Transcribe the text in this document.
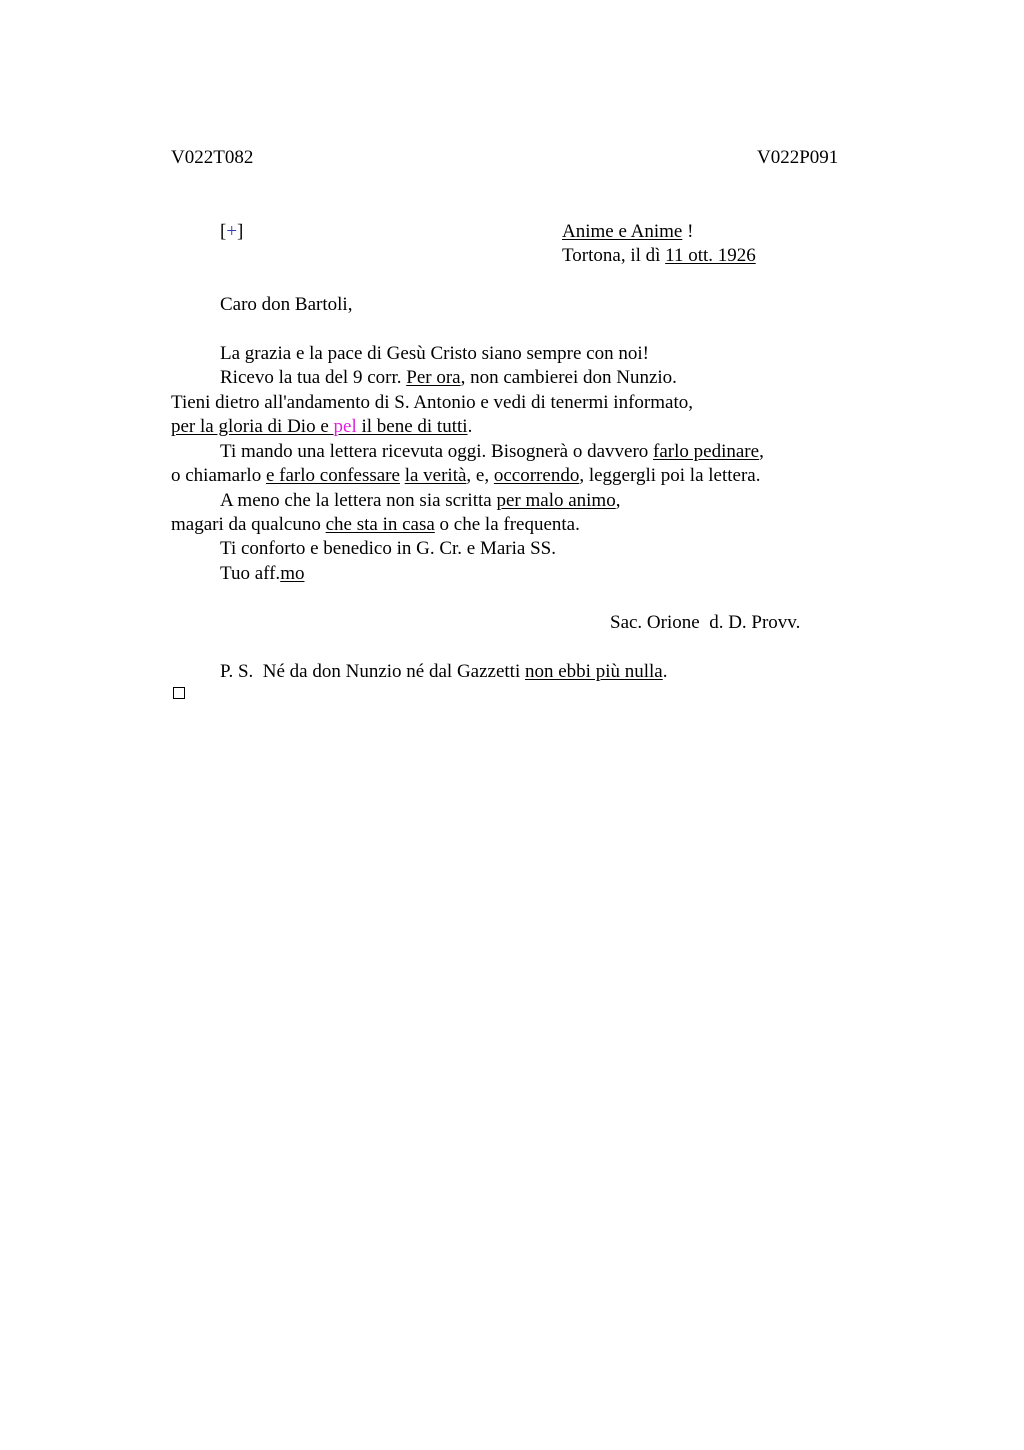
V022T082	V022P091
[+]	Anime e Anime !
Tortona, il dì 11 ott. 1926
Caro don Bartoli,
La grazia e la pace di Gesù Cristo siano sempre con noi!
Ricevo la tua del 9 corr. Per ora, non cambierei don Nunzio.
Tieni dietro all'andamento di S. Antonio e vedi di tenermi informato,
per la gloria di Dio e pel il bene di tutti.
Ti mando una lettera ricevuta oggi. Bisognerà o davvero farlo pedinare,
o chiamarlo e farlo confessare la verità, e, occorrendo, leggergli poi la lettera.
A meno che la lettera non sia scritta per malo animo,
magari da qualcuno che sta in casa o che la frequenta.
Ti conforto e benedico in G. Cr. e Maria SS.
Tuo aff.mo
Sac. Orione  d. D. Provv.
P. S.  Né da don Nunzio né dal Gazzetti non ebbi più nulla.
